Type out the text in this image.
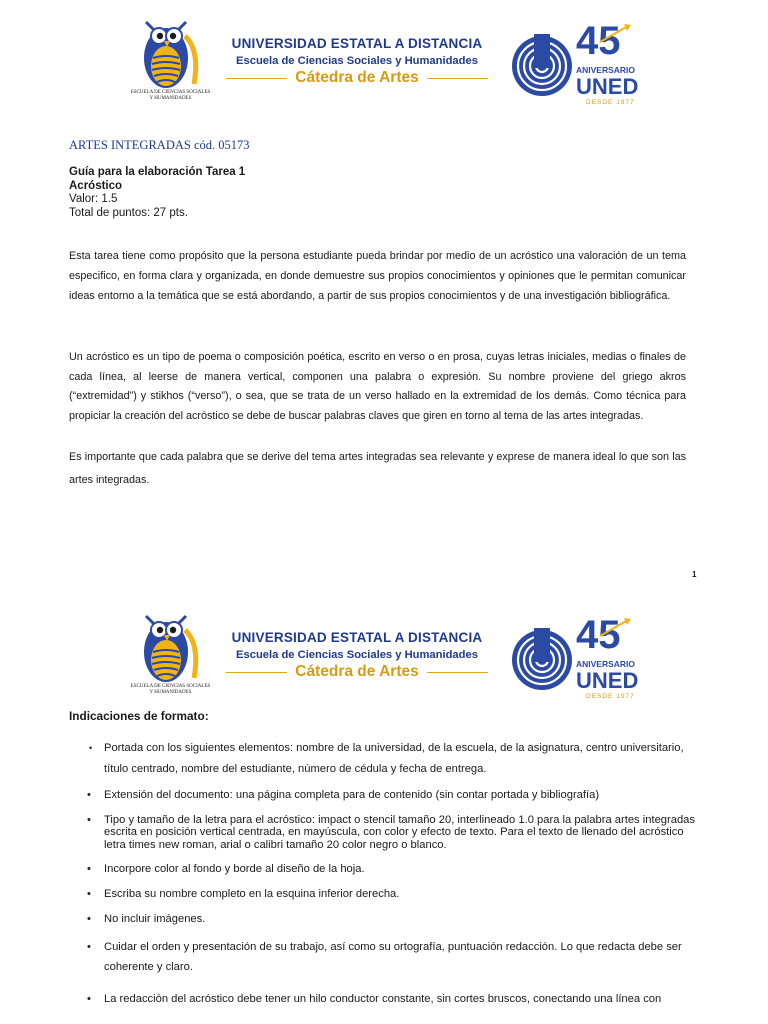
ESCUELA DE CIENCIAS SOCIALES
Y HUMANIDADES
UNIVERSIDAD ESTATAL A DISTANCIA
Escuela de Ciencias Sociales y Humanidades
Cátedra de Artes
45
ANIVERSARIO
UNED
DESDE 1977
ARTES INTEGRADAS cód. 05173
Guía para la elaboración Tarea 1
Acróstico
Valor: 1.5
Total de puntos: 27 pts.
Esta tarea tiene como propósito que la persona estudiante pueda brindar por medio de un acróstico una valoración de un tema especifico, en forma clara y organizada, en donde demuestre sus propios conocimientos y opiniones que le permitan comunicar ideas entorno a la temática que se está abordando, a partir de sus propios conocimientos y de una investigación bibliográfica.
Un acróstico es un tipo de poema o composición poética, escrito en verso o en prosa, cuyas letras iniciales, medias o finales de cada línea, al leerse de manera vertical, componen una palabra o expresión. Su nombre proviene del griego akros (“extremidad”) y stikhos (“verso”), o sea, que se trata de un verso hallado en la extremidad de los demás. Como técnica para propiciar la creación del acróstico se debe de buscar palabras claves que giren en torno al tema de las artes integradas.
Es importante que cada palabra que se derive del tema artes integradas sea relevante y exprese de manera ideal lo que son las artes integradas.
1
ESCUELA DE CIENCIAS SOCIALES
Y HUMANIDADES
UNIVERSIDAD ESTATAL A DISTANCIA
Escuela de Ciencias Sociales y Humanidades
Cátedra de Artes
45
ANIVERSARIO
UNED
DESDE 1977
Indicaciones de formato:
• Portada con los siguientes elementos: nombre de la universidad, de la escuela, de la asignatura, centro universitario, título centrado, nombre del estudiante, número de cédula y fecha de entrega.
• Extensión del documento: una página completa para de contenido (sin contar portada y bibliografía)
• Tipo y tamaño de la letra para el acróstico: impact o stencil tamaño 20, interlineado 1.0 para la palabra artes integradas escrita en posición vertical centrada, en mayúscula, con color y efecto de texto. Para el texto de llenado del acróstico letra times new roman, arial o calibri tamaño 20 color negro o blanco.
• Incorpore color al fondo y borde al diseño de la hoja.
• Escriba su nombre completo en la esquina inferior derecha.
• No incluir imágenes.
• Cuidar el orden y presentación de su trabajo, así como su ortografía, puntuación redacción. Lo que redacta debe ser coherente y claro.
• La redacción del acróstico debe tener un hilo conductor constante, sin cortes bruscos, conectando una línea con
